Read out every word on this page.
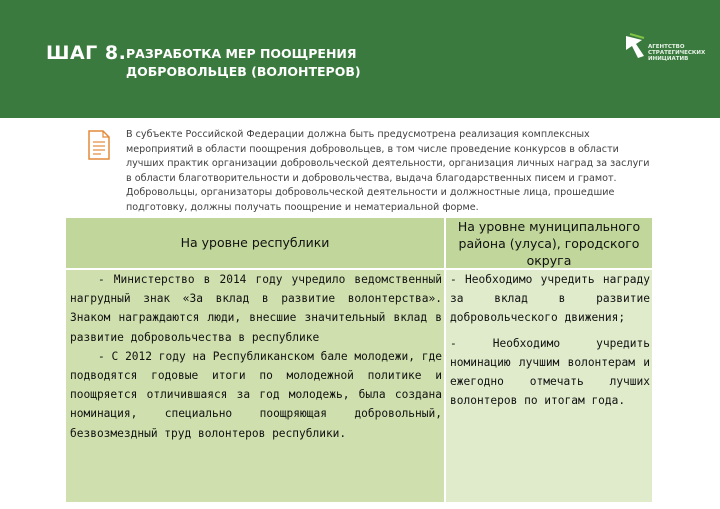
ШАГ 8. РАЗРАБОТКА МЕР ПООЩРЕНИЯ
ДОБРОВОЛЬЦЕВ (ВОЛОНТЕРОВ)
АГЕНТСТВО
СТРАТЕГИЧЕСКИХ
ИНИЦИАТИВ
В субъекте Российской Федерации должна быть предусмотрена реализация комплексных мероприятий в области поощрения добровольцев, в том числе проведение конкурсов в области лучших практик организации добровольческой деятельности, организация личных наград за заслуги в области благотворительности и добровольчества, выдача благодарственных писем и грамот. Добровольцы, организаторы добровольческой деятельности и должностные лица, прошедшие подготовку, должны получать поощрение и нематериальной форме.
На уровне республики
На уровне муниципального района (улуса), городского округа

- Министерство в 2014 году учредило ведомственный нагрудный знак «За вклад в развитие волонтерства». Знаком награждаются люди, внесшие значительный вклад в развитие добровольчества в республике

- С 2012 году на Республиканском бале молодежи, где подводятся годовые итоги по молодежной политике и поощряется отличившаяся за год молодежь, была создана номинация, специально поощряющая добровольный, безвозмездный труд волонтеров республики.

- Необходимо учредить награду за вклад в развитие добровольческого движения;

- Необходимо учредить номинацию лучшим волонтерам и ежегодно отмечать лучших волонтеров по итогам года.
